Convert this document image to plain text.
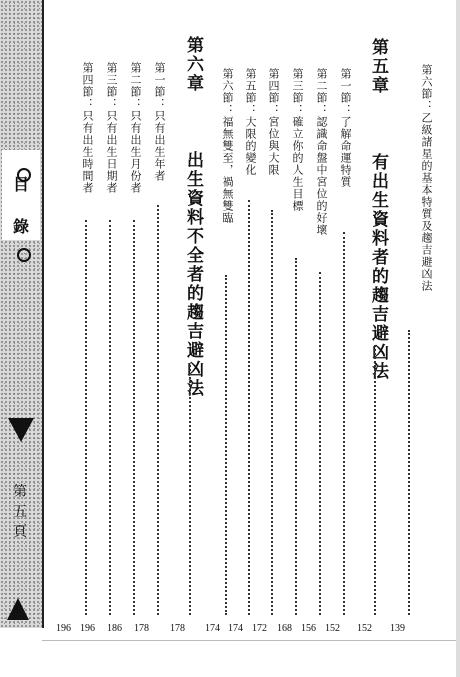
目
錄
第
五
頁
第六節：乙級諸星的基本特質及趨吉避凶法
139
第五章  有出生資料者的趨吉避凶法
152
第一節：了解命運特質
152
第二節：認識命盤中宮位的好壞
156
第三節：確立你的人生目標
168
第四節：宮位與大限
172
第五節：大限的變化
174
第六節：福無雙至，禍無雙臨
174
第六章  出生資料不全者的趨吉避凶法
178
第一節：只有出生年者
178
第二節：只有出生月份者
186
第三節：只有出生日期者
196
第四節：只有出生時間者
196
